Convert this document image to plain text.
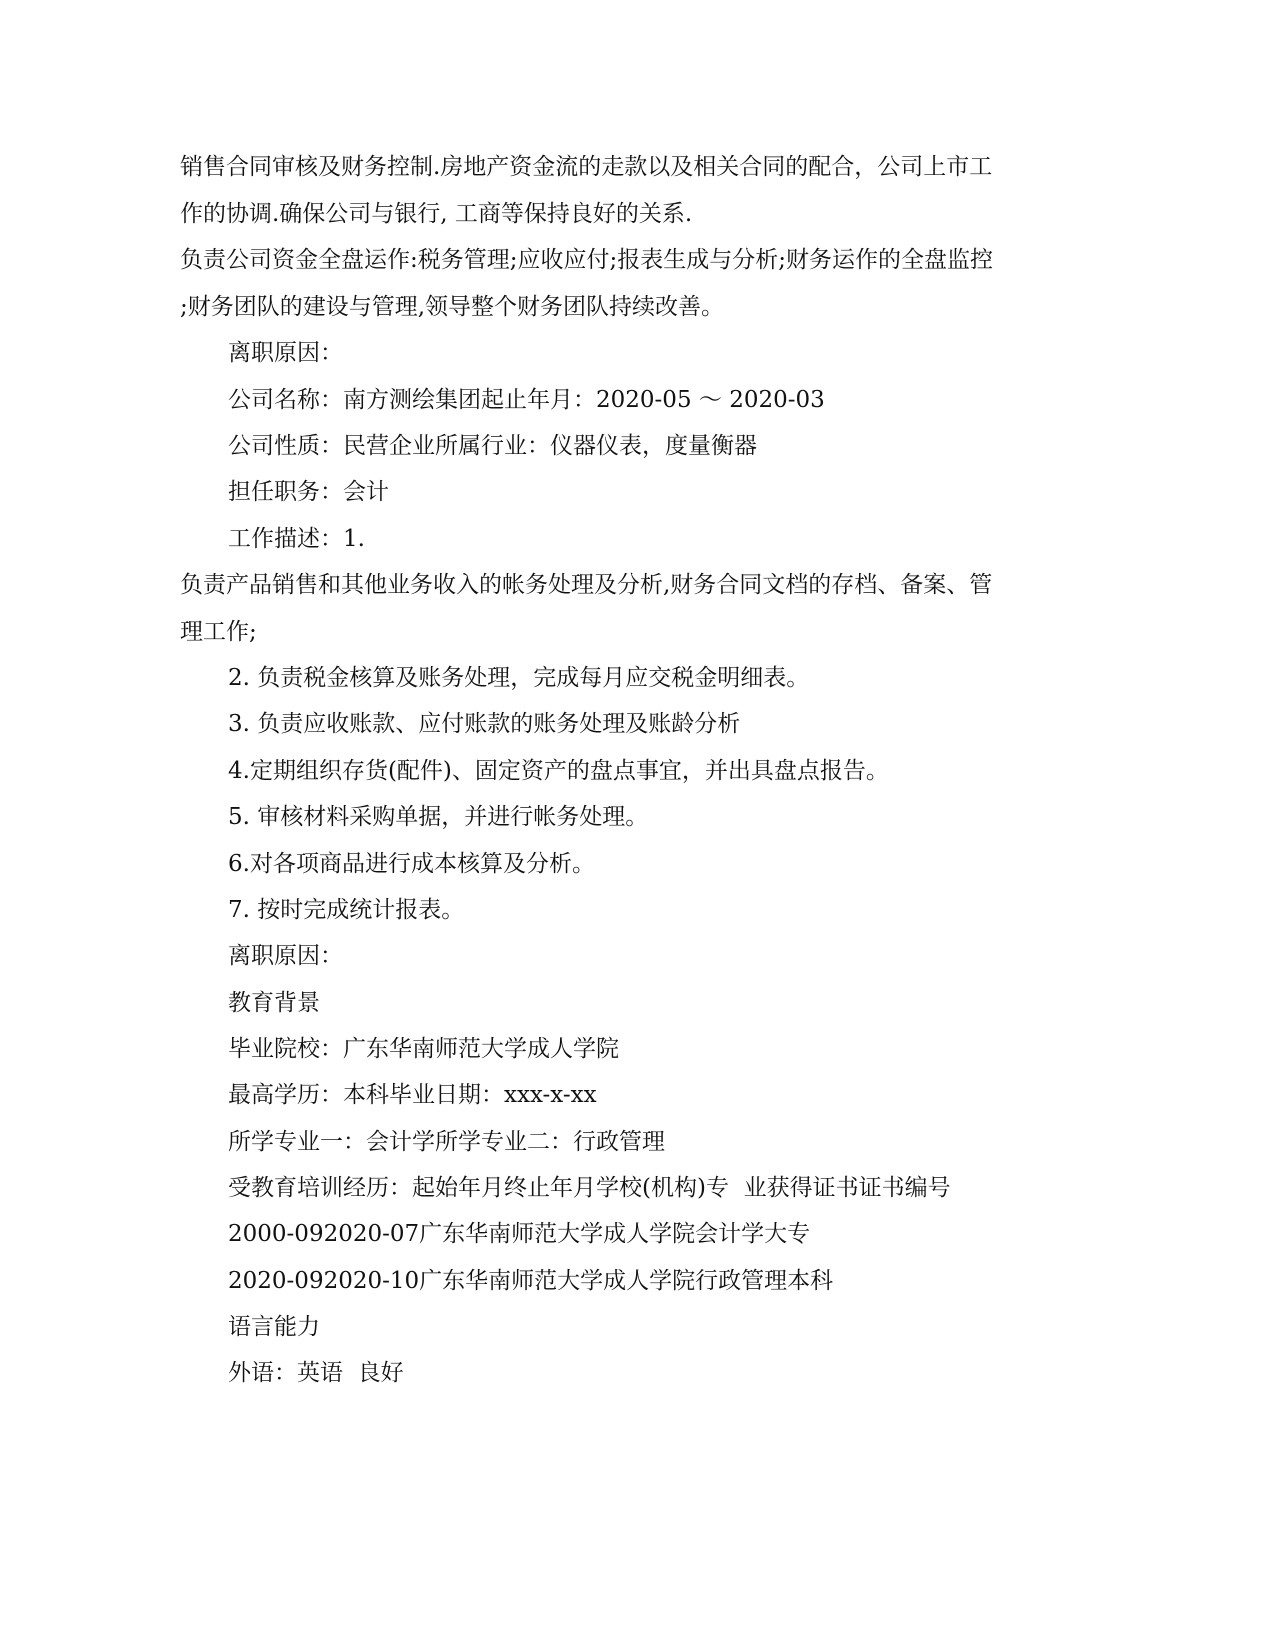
销售合同审核及财务控制.房地产资金流的走款以及相关合同的配合，公司上市工
作的协调.确保公司与银行, 工商等保持良好的关系.
负责公司资金全盘运作:税务管理;应收应付;报表生成与分析;财务运作的全盘监控
;财务团队的建设与管理,领导整个财务团队持续改善。
离职原因：
公司名称：南方测绘集团起止年月：2020-05 ～ 2020-03
公司性质：民营企业所属行业：仪器仪表，度量衡器
担任职务：会计
工作描述：1.
负责产品销售和其他业务收入的帐务处理及分析,财务合同文档的存档、备案、管
理工作;
2. 负责税金核算及账务处理，完成每月应交税金明细表。
3. 负责应收账款、应付账款的账务处理及账龄分析
4.定期组织存货(配件)、固定资产的盘点事宜，并出具盘点报告。
5. 审核材料采购单据，并进行帐务处理。
6.对各项商品进行成本核算及分析。
7. 按时完成统计报表。
离职原因：
教育背景
毕业院校：广东华南师范大学成人学院
最高学历：本科毕业日期：xxx-x-xx
所学专业一：会计学所学专业二：行政管理
受教育培训经历：起始年月终止年月学校(机构)专  业获得证书证书编号
2000-092020-07广东华南师范大学成人学院会计学大专
2020-092020-10广东华南师范大学成人学院行政管理本科
语言能力
外语：英语  良好
